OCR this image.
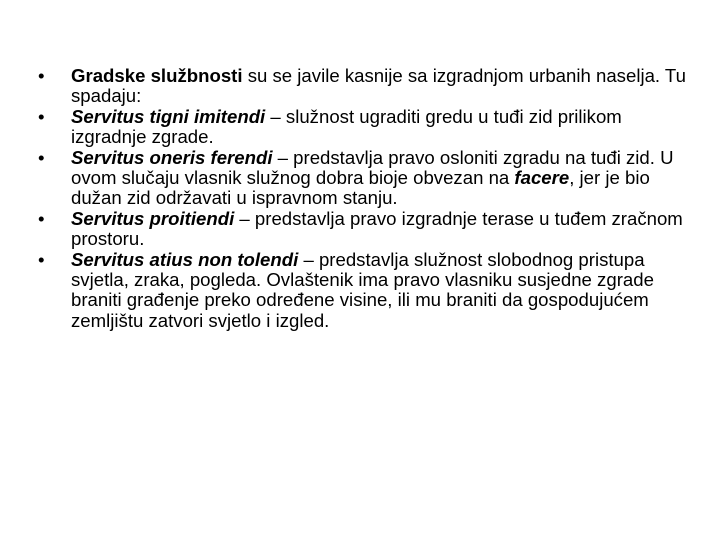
•	Gradske službnosti su se javile kasnije sa izgradnjom urbanih naselja. Tu spadaju:
•	Servitus tigni imitendi – služnost ugraditi gredu u tuđi zid prilikom izgradnje zgrade.
•	Servitus oneris ferendi – predstavlja pravo osloniti zgradu na tuđi zid. U ovom slučaju vlasnik služnog dobra bioje obvezan na facere, jer je bio dužan zid održavati u ispravnom stanju.
•	Servitus proitiendi – predstavlja pravo izgradnje terase u tuđem zračnom prostoru.
•	Servitus atius non tolendi – predstavlja služnost slobodnog pristupa svjetla, zraka, pogleda. Ovlaštenik ima pravo vlasniku susjedne zgrade braniti građenje preko određene visine, ili mu braniti da gospodujućem zemljištu zatvori svjetlo i izgled.
